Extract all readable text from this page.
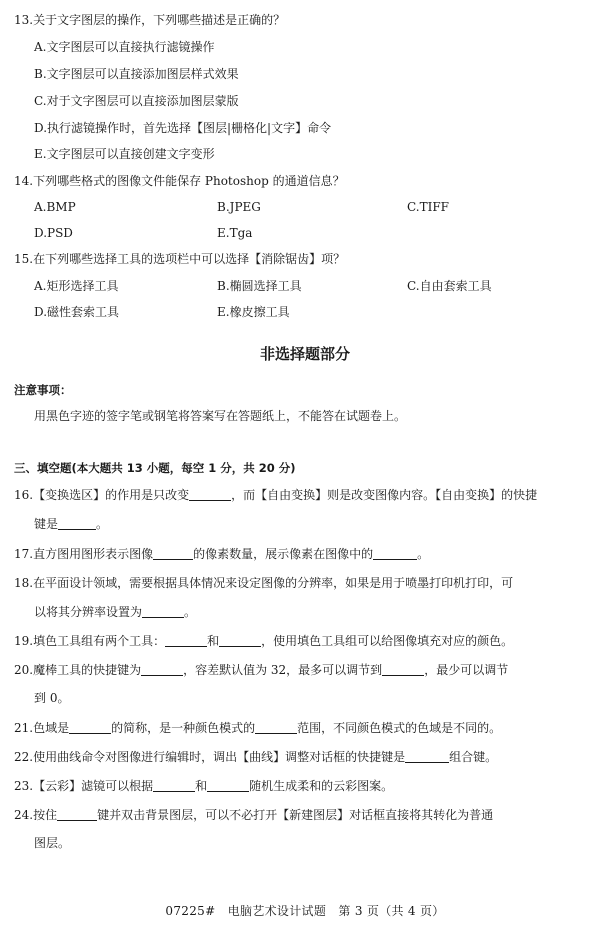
13.关于文字图层的操作，下列哪些描述是正确的？
A.文字图层可以直接执行滤镜操作
B.文字图层可以直接添加图层样式效果
C.对于文字图层可以直接添加图层蒙版
D.执行滤镜操作时，首先选择【图层|栅格化|文字】命令
E.文字图层可以直接创建文字变形
14.下列哪些格式的图像文件能保存 Photoshop 的通道信息？
A.BMP	B.JPEG	C.TIFF
D.PSD	E.Tga
15.在下列哪些选择工具的选项栏中可以选择【消除锯齿】项？
A.矩形选择工具	B.椭圆选择工具	C.自由套索工具
D.磁性套索工具	E.橡皮擦工具
非选择题部分
注意事项：
用黑色字迹的签字笔或钢笔将答案写在答题纸上，不能答在试题卷上。
三、填空题(本大题共 13 小题，每空 1 分，共 20 分)
16.【变换选区】的作用是只改变	，而【自由变换】则是改变图像内容。【自由变换】的快捷
键是	。
17.直方图用图形表示图像	的像素数量，展示像素在图像中的	。
18.在平面设计领域，需要根据具体情况来设定图像的分辨率，如果是用于喷墨打印机打印，可
以将其分辨率设置为	。
19.填色工具组有两个工具：	和	，使用填色工具组可以给图像填充对应的颜色。
20.魔棒工具的快捷键为	，容差默认值为 32，最多可以调节到	，最少可以调节
到 0。
21.色域是	的简称，是一种颜色模式的	范围，不同颜色模式的色域是不同的。
22.使用曲线命令对图像进行编辑时，调出【曲线】调整对话框的快捷键是	组合键。
23.【云彩】滤镜可以根据	和	随机生成柔和的云彩图案。
24.按住	键并双击背景图层，可以不必打开【新建图层】对话框直接将其转化为普通
图层。
07225#　电脑艺术设计试题　第 3 页（共 4 页）
